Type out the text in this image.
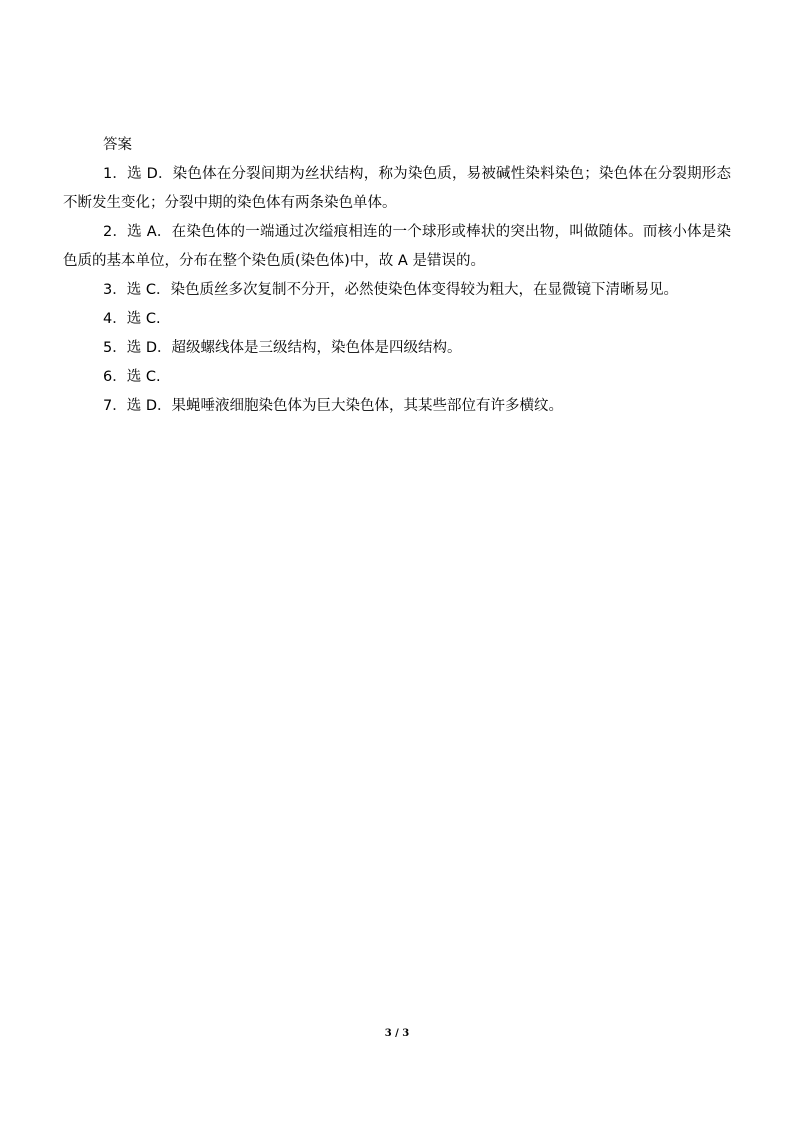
答案
1．选 D．染色体在分裂间期为丝状结构，称为染色质，易被碱性染料染色；染色体在分裂期形态不断发生变化；分裂中期的染色体有两条染色单体。
2．选 A．在染色体的一端通过次缢痕相连的一个球形或棒状的突出物，叫做随体。而核小体是染色质的基本单位，分布在整个染色质(染色体)中，故 A 是错误的。
3．选 C．染色质丝多次复制不分开，必然使染色体变得较为粗大，在显微镜下清晰易见。
4．选 C.
5．选 D．超级螺线体是三级结构，染色体是四级结构。
6．选 C.
7．选 D．果蝇唾液细胞染色体为巨大染色体，其某些部位有许多横纹。
3 / 3
